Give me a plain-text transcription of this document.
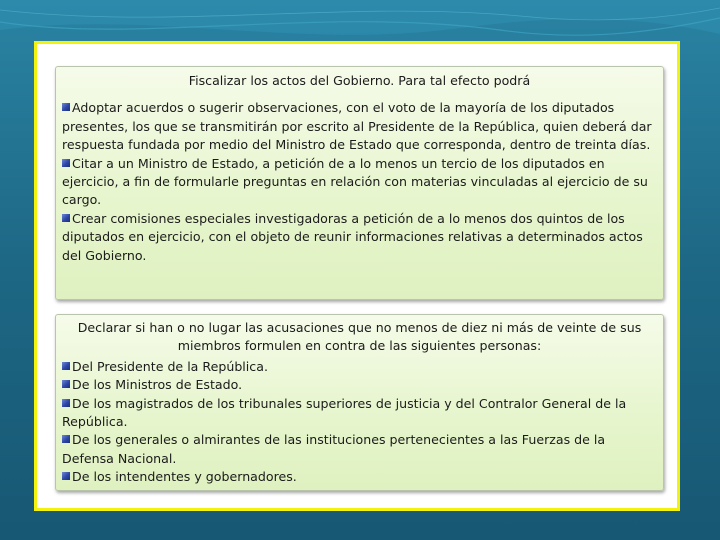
Fiscalizar los actos del Gobierno. Para tal efecto podrá
Adoptar acuerdos o sugerir observaciones, con el voto de la mayoría de los diputados presentes, los que se transmitirán por escrito al Presidente de la República, quien deberá dar respuesta fundada por medio del Ministro de Estado que corresponda, dentro de treinta días.
Citar a un Ministro de Estado, a petición de a lo menos un tercio de los diputados en ejercicio, a fin de formularle preguntas en relación con materias vinculadas al ejercicio de su cargo.
Crear comisiones especiales investigadoras a petición de a lo menos dos quintos de los diputados en ejercicio, con el objeto de reunir informaciones relativas a determinados actos del Gobierno.
Declarar si han o no lugar las acusaciones que no menos de diez ni más de veinte de sus miembros formulen en contra de las siguientes personas:
Del Presidente de la República.
De los Ministros de Estado.
De los magistrados de los tribunales superiores de justicia y del Contralor General de la República.
De los generales o almirantes de las instituciones pertenecientes a las Fuerzas de la Defensa Nacional.
De los intendentes y gobernadores.
